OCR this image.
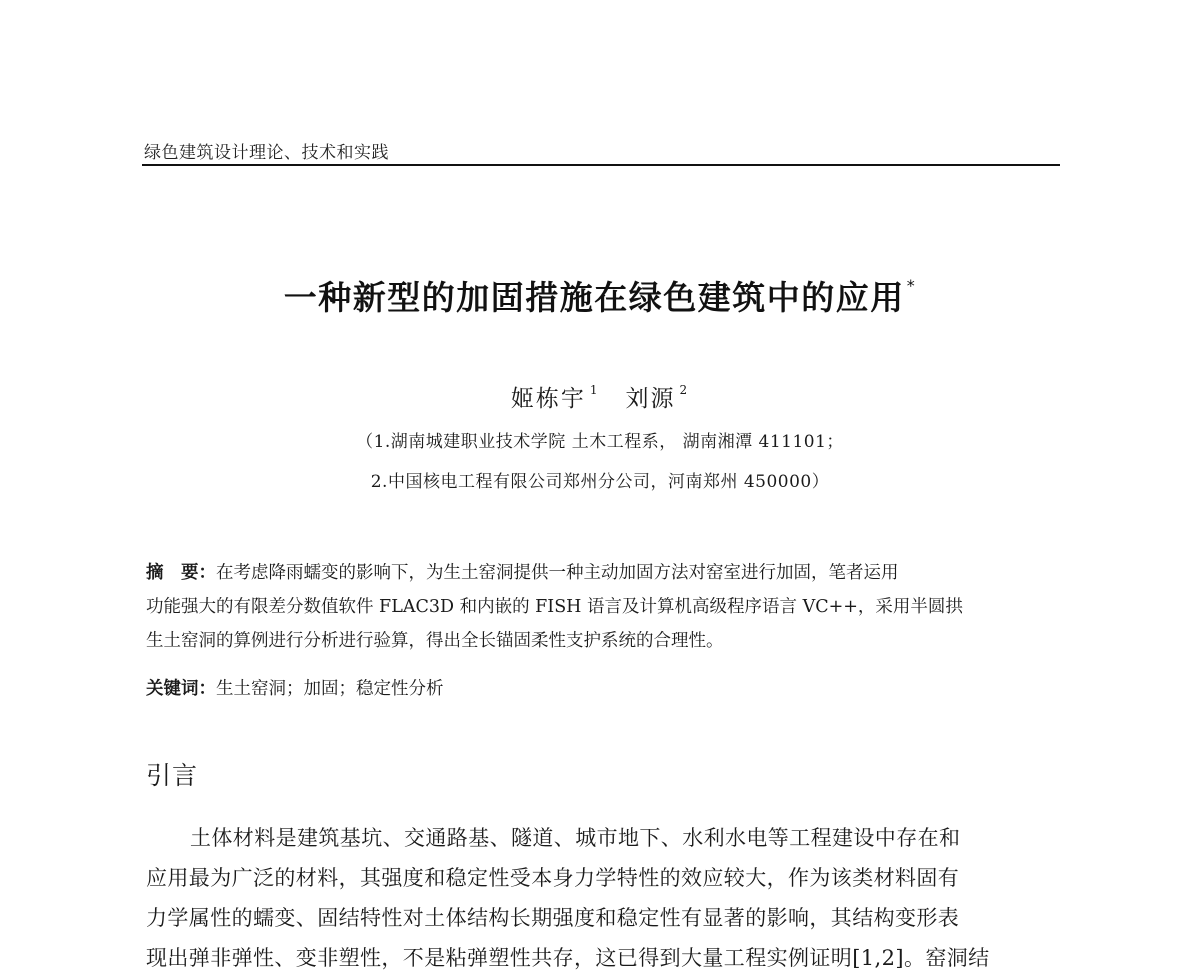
绿色建筑设计理论、技术和实践
一种新型的加固措施在绿色建筑中的应用 *
姬栋宇 $^1$ 刘源 $^2$
（1.湖南城建职业技术学院 土木工程系， 湖南湘潭 411101；
2.中国核电工程有限公司郑州分公司，河南郑州 450000）
摘　要：在考虑降雨蠕变的影响下，为生土窑洞提供一种主动加固方法对窑室进行加固，笔者运用
功能强大的有限差分数值软件 FLAC3D 和内嵌的 FISH 语言及计算机高级程序语言 VC++，采用半圆拱
生土窑洞的算例进行分析进行验算，得出全长锚固柔性支护系统的合理性。
关键词：生土窑洞；加固；稳定性分析
引言
土体材料是建筑基坑、交通路基、隧道、城市地下、水利水电等工程建设中存在和
应用最为广泛的材料，其强度和稳定性受本身力学特性的效应较大，作为该类材料固有
力学属性的蠕变、固结特性对土体结构长期强度和稳定性有显著的影响，其结构变形表
现出弹非弹性、变非塑性，不是粘弹塑性共存，这已得到大量工程实例证明[1,2]。窑洞结
